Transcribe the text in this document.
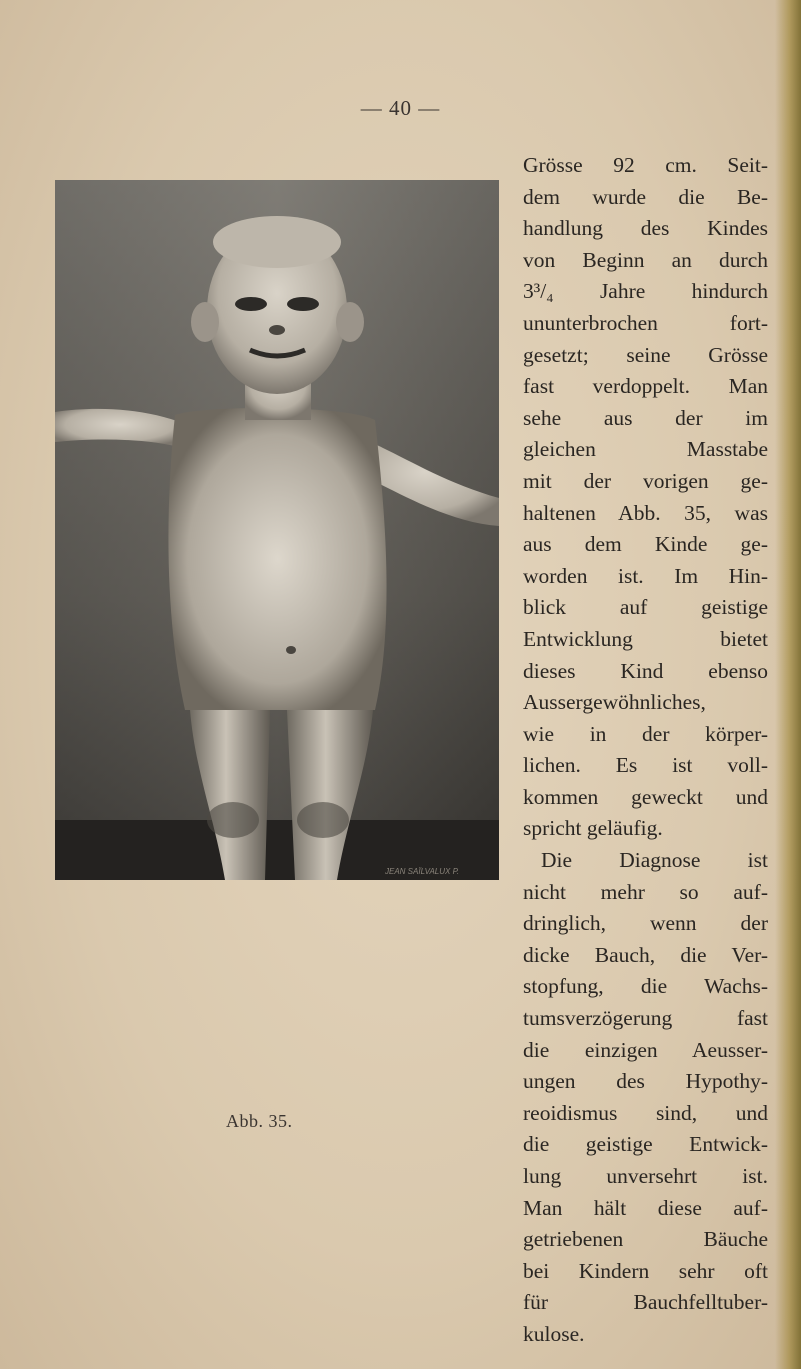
— 40 —
JEAN SAÏLVALUX P.
Abb. 35.
Grösse 92 cm. Seit-
dem wurde die Be-
handlung des Kindes
von Beginn an durch
3³/₄ Jahre hindurch
ununterbrochen fort-
gesetzt; seine Grösse
fast verdoppelt. Man
sehe aus der im
gleichen Masstabe
mit der vorigen ge-
haltenen Abb. 35, was
aus dem Kinde ge-
worden ist. Im Hin-
blick auf geistige
Entwicklung bietet
dieses Kind ebenso
Aussergewöhnliches,
wie in der körper-
lichen. Es ist voll-
kommen geweckt und
spricht geläufig.
Die Diagnose ist
nicht mehr so auf-
dringlich, wenn der
dicke Bauch, die Ver-
stopfung, die Wachs-
tumsverzögerung fast
die einzigen Aeusser-
ungen des Hypothy-
reoidismus sind, und
die geistige Entwick-
lung unversehrt ist.
Man hält diese auf-
getriebenen Bäuche
bei Kindern sehr oft
für Bauchfelltuber-
kulose.
